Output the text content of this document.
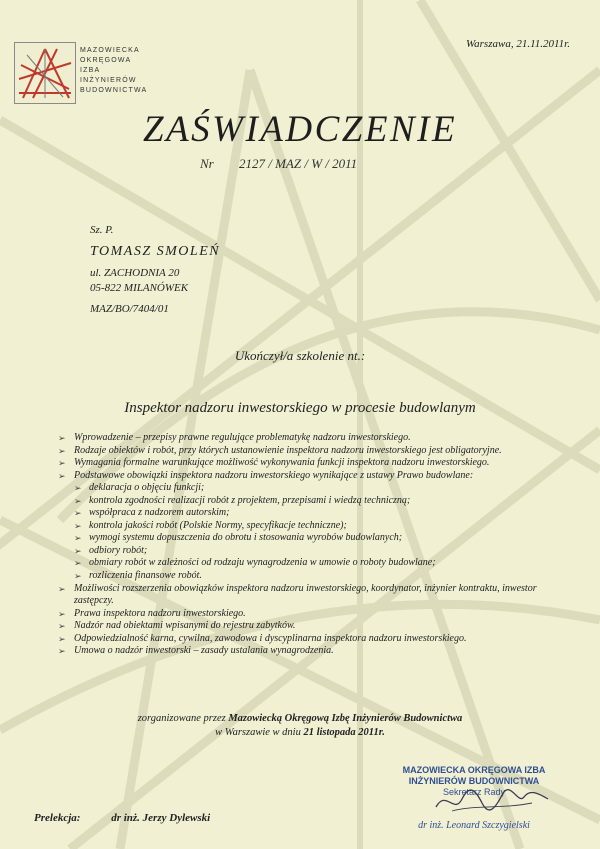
MAZOWIECKA
OKRĘGOWA
IZBA
INŻYNIERÓW
BUDOWNICTWA
Warszawa, 21.11.2011r.
ZAŚWIADCZENIE
Nr 2127 / MAZ / W / 2011
Sz. P.
TOMASZ SMOLEŃ
ul. ZACHODNIA 20
05-822 MILANÓWEK
MAZ/BO/7404/01
Ukończył/a szkolenie nt.:
Inspektor nadzoru inwestorskiego w procesie budowlanym
➢ Wprowadzenie – przepisy prawne regulujące problematykę nadzoru inwestorskiego.
➢ Rodzaje obiektów i robót, przy których ustanowienie inspektora nadzoru inwestorskiego jest obligatoryjne.
➢ Wymagania formalne warunkujące możliwość wykonywania funkcji inspektora nadzoru inwestorskiego.
➢ Podstawowe obowiązki inspektora nadzoru inwestorskiego wynikające z ustawy Prawo budowlane:
➢ deklaracja o objęciu funkcji;
➢ kontrola zgodności realizacji robót z projektem, przepisami i wiedzą techniczną;
➢ współpraca z nadzorem autorskim;
➢ kontrola jakości robót (Polskie Normy, specyfikacje techniczne);
➢ wymogi systemu dopuszczenia do obrotu i stosowania wyrobów budowlanych;
➢ odbiory robót;
➢ obmiary robót w zależności od rodzaju wynagrodzenia w umowie o roboty budowlane;
➢ rozliczenia finansowe robót.
➢ Możliwości rozszerzenia obowiązków inspektora nadzoru inwestorskiego, koordynator, inżynier kontraktu, inwestor zastępczy.
➢ Prawa inspektora nadzoru inwestorskiego.
➢ Nadzór nad obiektami wpisanymi do rejestru zabytków.
➢ Odpowiedzialność karna, cywilna, zawodowa i dyscyplinarna inspektora nadzoru inwestorskiego.
➢ Umowa o nadzór inwestorski – zasady ustalania wynagrodzenia.
zorganizowane przez Mazowiecką Okręgową Izbę Inżynierów Budownictwa
w Warszawie w dniu 21 listopada 2011r.
MAZOWIECKA OKRĘGOWA IZBA
INŻYNIERÓW BUDOWNICTWA
Sekretarz Rady
dr inż. Leonard Szczygielski
Prelekcja:	dr inż. Jerzy Dylewski
